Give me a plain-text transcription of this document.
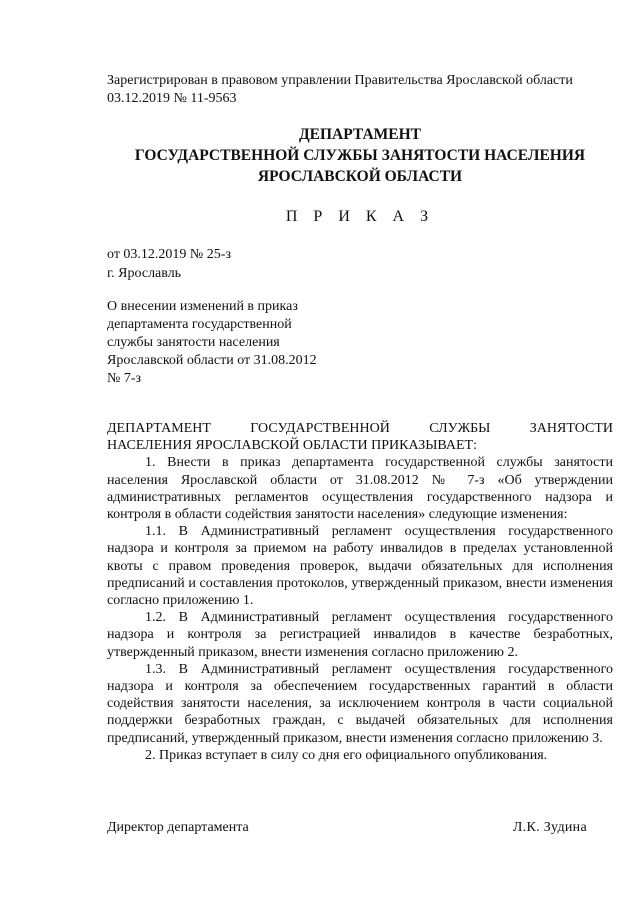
Зарегистрирован в правовом управлении Правительства Ярославской области
03.12.2019 № 11-9563
ДЕПАРТАМЕНТ
ГОСУДАРСТВЕННОЙ СЛУЖБЫ ЗАНЯТОСТИ НАСЕЛЕНИЯ
ЯРОСЛАВСКОЙ ОБЛАСТИ
П Р И К А З
от 03.12.2019 № 25-з
г. Ярославль
О внесении изменений в приказ
департамента государственной
службы занятости населения
Ярославской области от 31.08.2012
№ 7-з

ДЕПАРТАМЕНТ ГОСУДАРСТВЕННОЙ СЛУЖБЫ ЗАНЯТОСТИ

НАСЕЛЕНИЯ ЯРОСЛАВСКОЙ ОБЛАСТИ ПРИКАЗЫВАЕТ:

1. Внести в приказ департамента государственной службы занятости населения Ярославской области от 31.08.2012 № 7-з «Об утверждении административных регламентов осуществления государственного надзора и контроля в области содействия занятости населения» следующие изменения:

1.1. В Административный регламент осуществления государственного надзора и контроля за приемом на работу инвалидов в пределах установленной квоты с правом проведения проверок, выдачи обязательных для исполнения предписаний и составления протоколов, утвержденный приказом, внести изменения согласно приложению 1.

1.2. В Административный регламент осуществления государственного надзора и контроля за регистрацией инвалидов в качестве безработных, утвержденный приказом, внести изменения согласно приложению 2.

1.3. В Административный регламент осуществления государственного надзора и контроля за обеспечением государственных гарантий в области содействия занятости населения, за исключением контроля в части социальной поддержки безработных граждан, с выдачей обязательных для исполнения предписаний, утвержденный приказом, внести изменения согласно приложению 3.

2. Приказ вступает в силу со дня его официального опубликования.

Директор департамента	Л.К. Зудина
